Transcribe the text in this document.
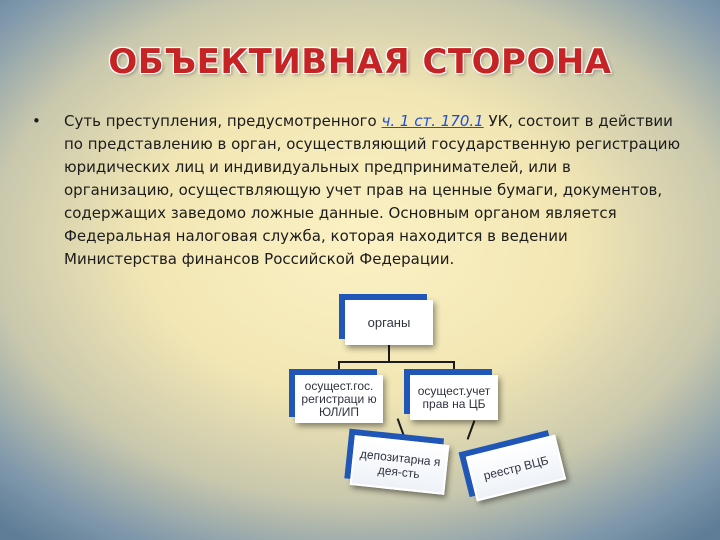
ОБЪЕКТИВНАЯ СТОРОНА
• Суть преступления, предусмотренного ч. 1 ст. 170.1 УК, состоит в действии по представлению в орган, осуществляющий государственную регистрацию юридических лиц и индивидуальных предпринимателей, или в организацию, осуществляющую учет прав на ценные бумаги, документов, содержащих заведомо ложные данные. Основным органом является Федеральная налоговая служба, которая находится в ведении Министерства финансов Российской Федерации.
органы
осущест.гос. регистраци ю ЮЛ/ИП
осущест.учет прав на ЦБ
депозитарна я дея-сть	реестр ВЦБ
